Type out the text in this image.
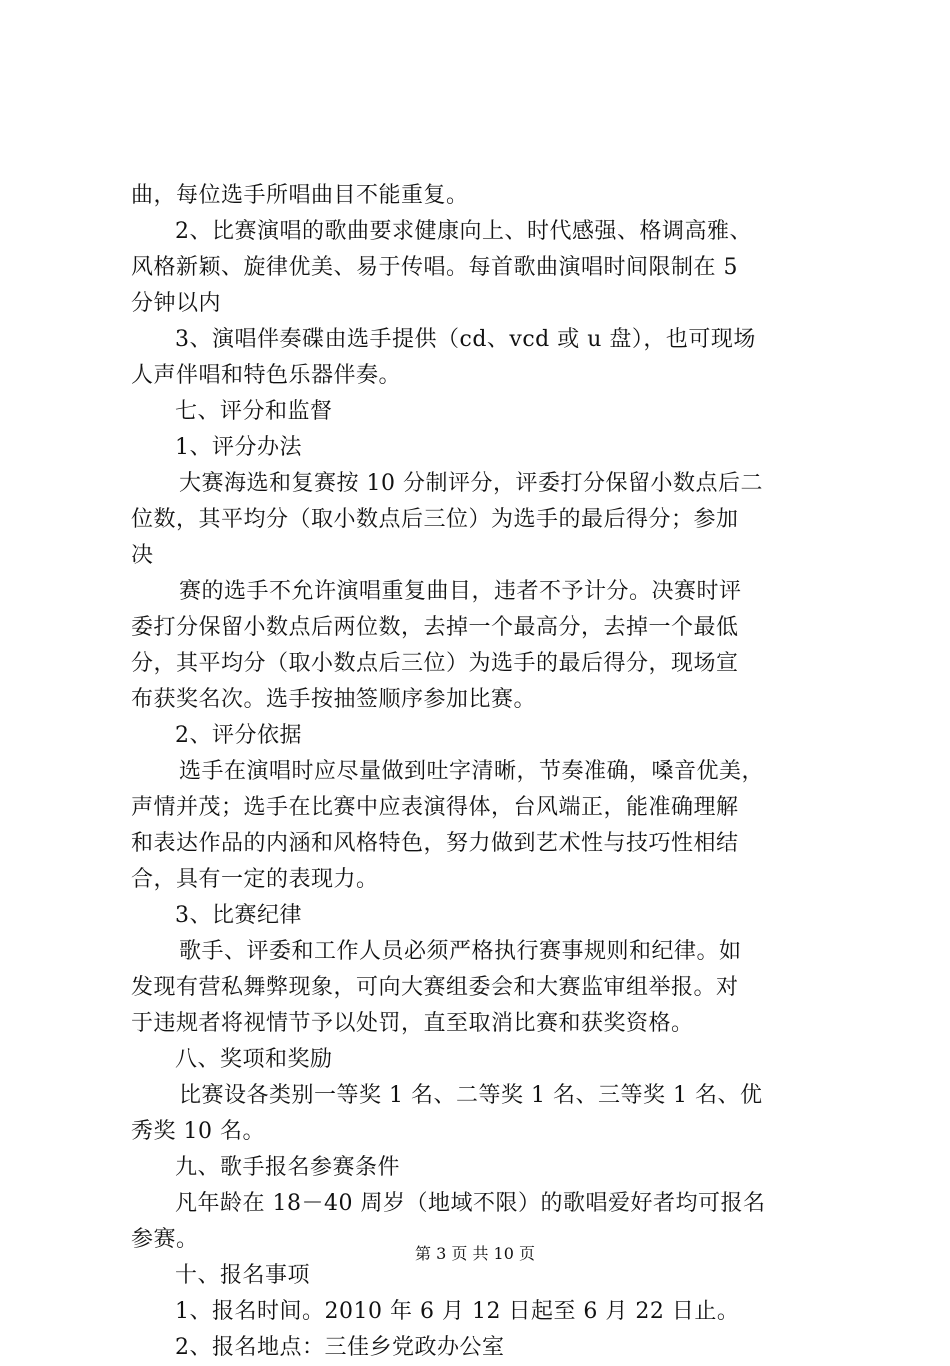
曲，每位选手所唱曲目不能重复。
2、比赛演唱的歌曲要求健康向上、时代感强、格调高雅、
风格新颖、旋律优美、易于传唱。每首歌曲演唱时间限制在 5
分钟以内
3、演唱伴奏碟由选手提供（cd、vcd 或 u 盘），也可现场
人声伴唱和特色乐器伴奏。
七、评分和监督
1、评分办法
大赛海选和复赛按 10 分制评分，评委打分保留小数点后二
位数，其平均分（取小数点后三位）为选手的最后得分；参加
决
赛的选手不允许演唱重复曲目，违者不予计分。决赛时评
委打分保留小数点后两位数，去掉一个最高分，去掉一个最低
分，其平均分（取小数点后三位）为选手的最后得分，现场宣
布获奖名次。选手按抽签顺序参加比赛。
2、评分依据
选手在演唱时应尽量做到吐字清晰，节奏准确，嗓音优美，
声情并茂；选手在比赛中应表演得体，台风端正，能准确理解
和表达作品的内涵和风格特色，努力做到艺术性与技巧性相结
合，具有一定的表现力。
3、比赛纪律
歌手、评委和工作人员必须严格执行赛事规则和纪律。如
发现有营私舞弊现象，可向大赛组委会和大赛监审组举报。对
于违规者将视情节予以处罚，直至取消比赛和获奖资格。
八、奖项和奖励
比赛设各类别一等奖 1 名、二等奖 1 名、三等奖 1 名、优
秀奖 10 名。
九、歌手报名参赛条件
凡年龄在 18－40 周岁（地域不限）的歌唱爱好者均可报名
参赛。
十、报名事项
1、报名时间。2010 年 6 月 12 日起至 6 月 22 日止。
2、报名地点：三佳乡党政办公室
第 3 页 共 10 页
